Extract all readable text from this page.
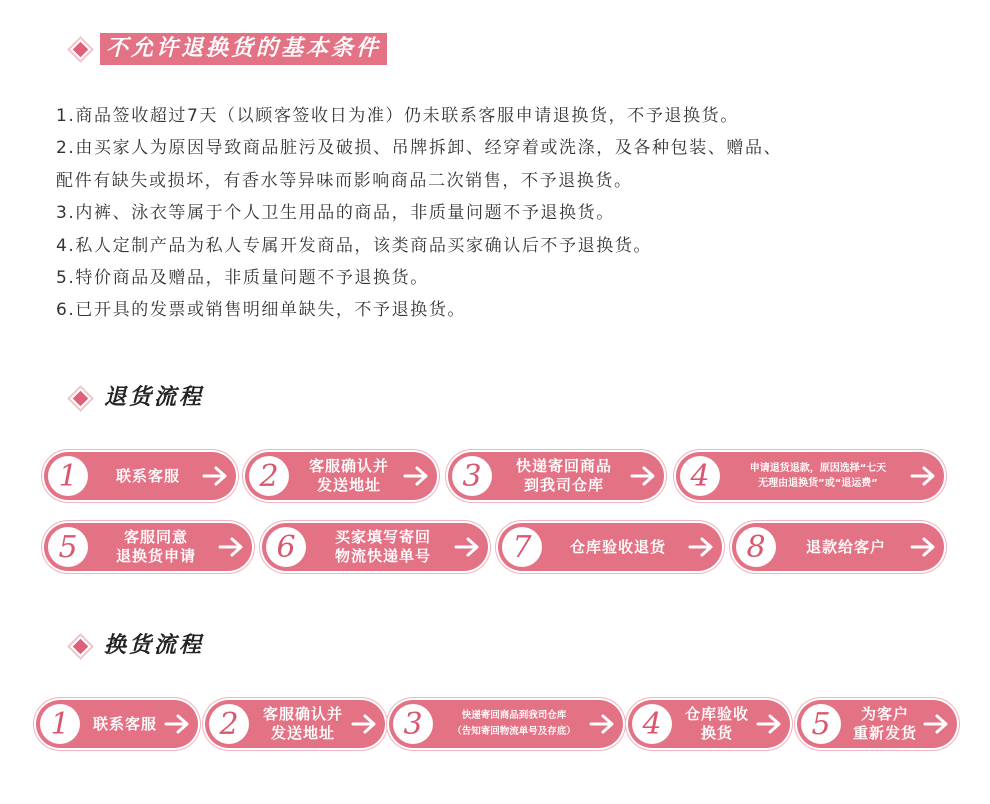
不允许退换货的基本条件
1.商品签收超过7天（以顾客签收日为准）仍未联系客服申请退换货，不予退换货。
2.由买家人为原因导致商品脏污及破损、吊牌拆卸、经穿着或洗涤，及各种包装、赠品、
配件有缺失或损坏，有香水等异味而影响商品二次销售，不予退换货。
3.内裤、泳衣等属于个人卫生用品的商品，非质量问题不予退换货。
4.私人定制产品为私人专属开发商品，该类商品买家确认后不予退换货。
5.特价商品及赠品，非质量问题不予退换货。
6.已开具的发票或销售明细单缺失，不予退换货。
退货流程
1	联系客服	2	客服确认并
发送地址	3	快递寄回商品
到我司仓库	4	申请退货退款，原因选择“七天
无理由退换货”或“退运费”
5	客服同意
退换货申请	6	买家填写寄回
物流快递单号	7	仓库验收退货	8	退款给客户
换货流程
1	联系客服	2	客服确认并
发送地址	3	快递寄回商品到我司仓库
（告知寄回物流单号及存底）	4	仓库验收
换货	5	为客户
重新发货
